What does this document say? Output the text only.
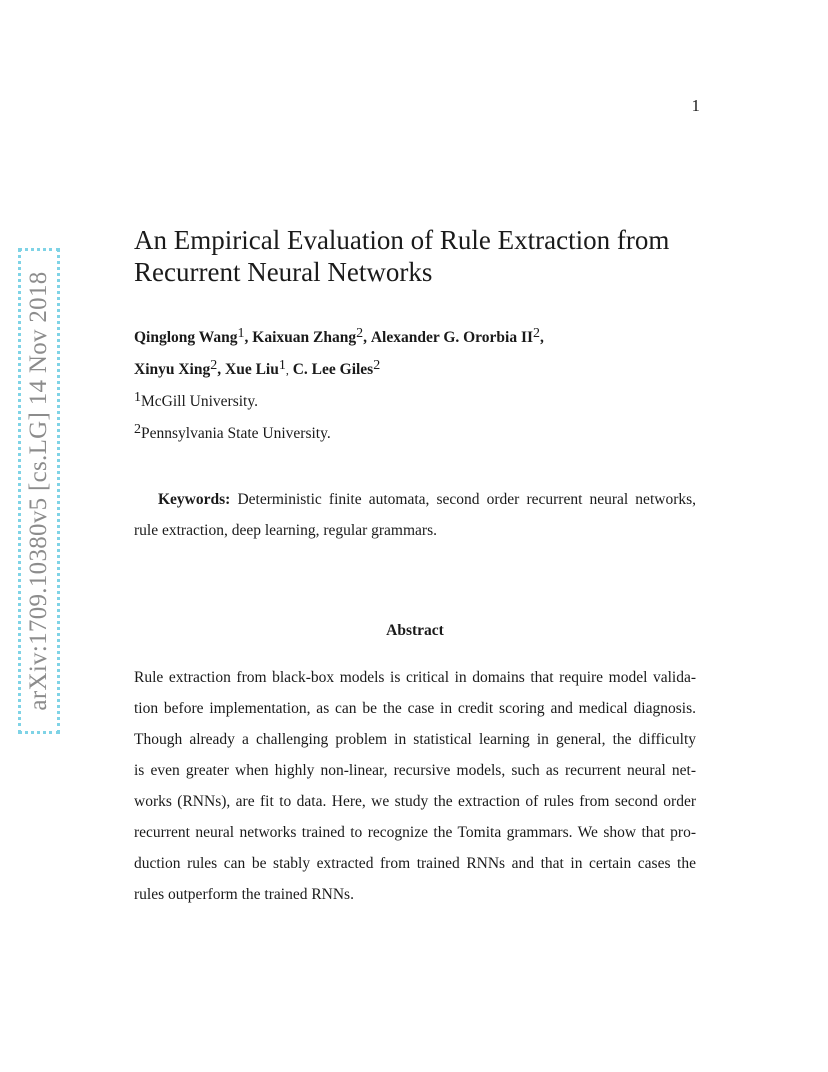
1
arXiv:1709.10380v5 [cs.LG] 14 Nov 2018
An Empirical Evaluation of Rule Extraction from
Recurrent Neural Networks
Qinglong Wang$^1$, Kaixuan Zhang$^2$, Alexander G. Ororbia $II^2$,
Xinyu Xing$^2$, Xue Liu$^1$, C. Lee Giles$^2$
$^1$McGill University.
$^2$Pennsylvania State University.
Keywords: Deterministic finite automata, second order recurrent neural networks, rule extraction, deep learning, regular grammars.
Abstract
Rule extraction from black-box models is critical in domains that require model valida-
tion before implementation, as can be the case in credit scoring and medical diagnosis.
Though already a challenging problem in statistical learning in general, the difficulty
is even greater when highly non-linear, recursive models, such as recurrent neural net-
works (RNNs), are fit to data. Here, we study the extraction of rules from second order
recurrent neural networks trained to recognize the Tomita grammars. We show that pro-
duction rules can be stably extracted from trained RNNs and that in certain cases the
rules outperform the trained RNNs.
